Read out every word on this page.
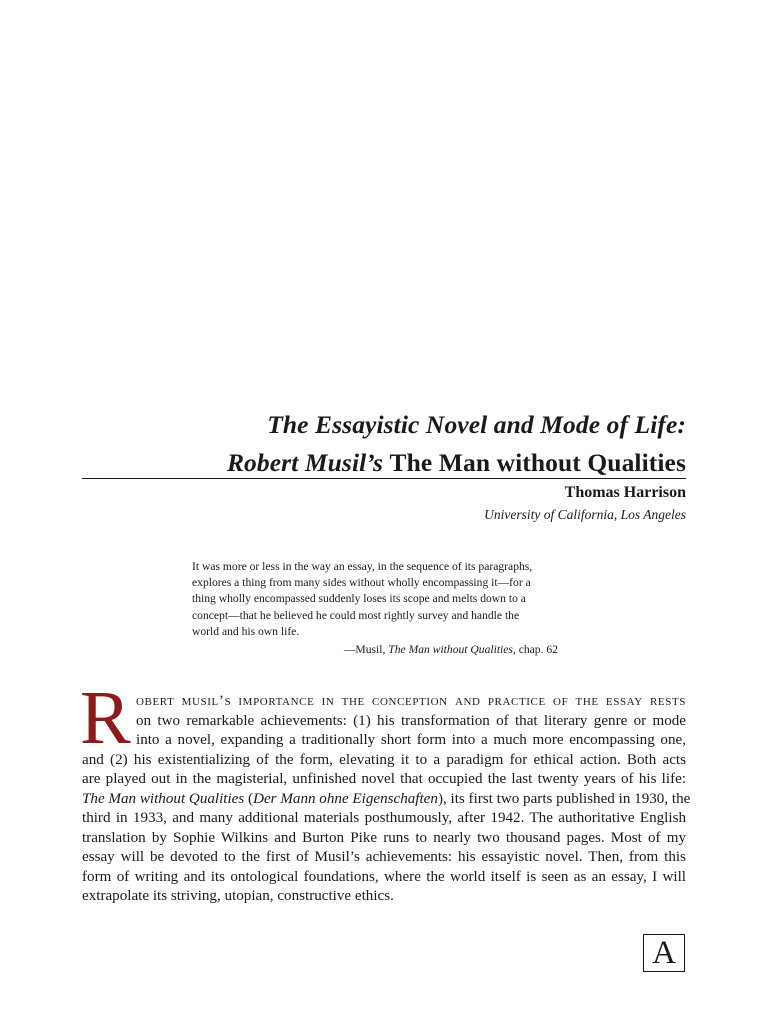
The Essayistic Novel and Mode of Life:
Robert Musil’s The Man without Qualities
Thomas Harrison
University of California, Los Angeles
It was more or less in the way an essay, in the sequence of its paragraphs,
explores a thing from many sides without wholly encompassing it—for a
thing wholly encompassed suddenly loses its scope and melts down to a
concept—that he believed he could most rightly survey and handle the
world and his own life.
—Musil, The Man without Qualities, chap. 62
R obert musil’s importance in the conception and practice of the essay rests
on two remarkable achievements: (1) his transformation of that literary genre or mode
into a novel, expanding a traditionally short form into a much more encompassing one,
and (2) his existentializing of the form, elevating it to a paradigm for ethical action. Both acts
are played out in the magisterial, unfinished novel that occupied the last twenty years of his life:
The Man without Qualities (Der Mann ohne Eigenschaften), its first two parts published in 1930, the
third in 1933, and many additional materials posthumously, after 1942. The authoritative English
translation by Sophie Wilkins and Burton Pike runs to nearly two thousand pages. Most of my
essay will be devoted to the first of Musil’s achievements: his essayistic novel. Then, from this
form of writing and its ontological foundations, where the world itself is seen as an essay, I will
extrapolate its striving, utopian, constructive ethics.
A
